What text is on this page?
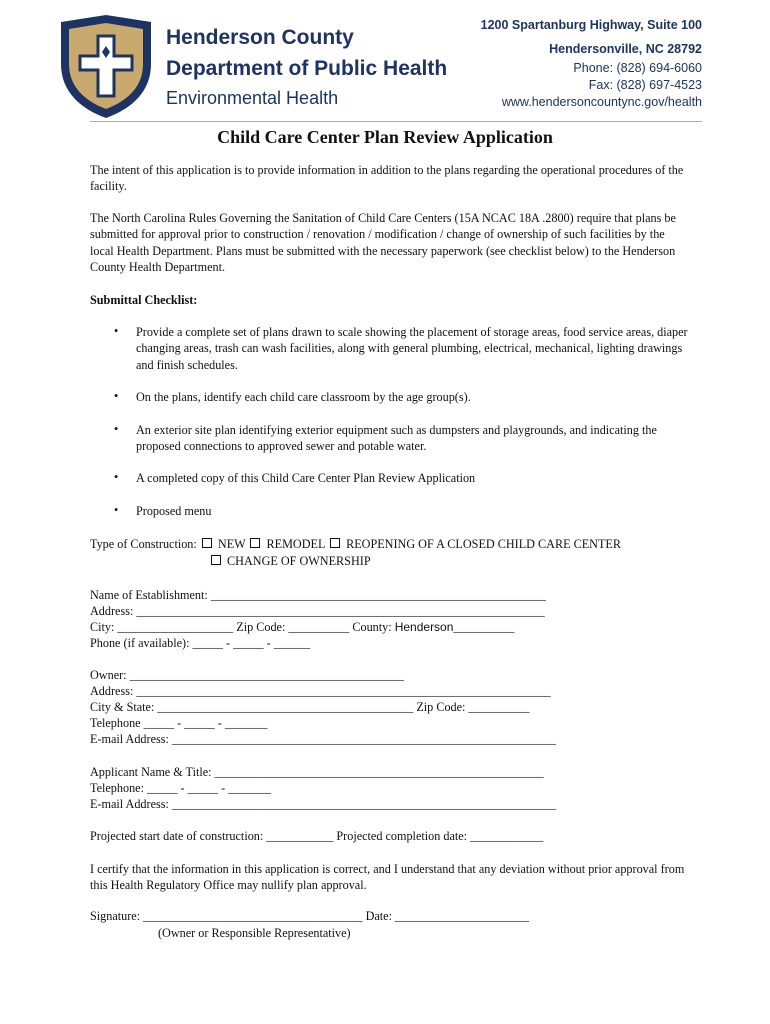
Henderson County
Department of Public Health
Environmental Health
1200 Spartanburg Highway, Suite 100
Hendersonville, NC 28792
Phone: (828) 694-6060
Fax: (828) 697-4523
www.hendersoncountync.gov/health
Child Care Center Plan Review Application
The intent of this application is to provide information in addition to the plans regarding the operational procedures of the facility.
The North Carolina Rules Governing the Sanitation of Child Care Centers (15A NCAC 18A .2800) require that plans be submitted for approval prior to construction / renovation / modification / change of ownership of such facilities by the local Health Department. Plans must be submitted with the necessary paperwork (see checklist below) to the Henderson County Health Department.
Submittal Checklist:
• Provide a complete set of plans drawn to scale showing the placement of storage areas, food service areas, diaper changing areas, trash can wash facilities, along with general plumbing, electrical, mechanical, lighting drawings and finish schedules.
• On the plans, identify each child care classroom by the age group(s).
• An exterior site plan identifying exterior equipment such as dumpsters and playgrounds, and indicating the proposed connections to approved sewer and potable water.
• A completed copy of this Child Care Center Plan Review Application
• Proposed menu
Type of Construction: NEW REMODEL REOPENING OF A CLOSED CHILD CARE CENTER
CHANGE OF OWNERSHIP
Name of Establishment: _______________________________________________________
Address: ___________________________________________________________________
City: ___________________ Zip Code: __________ County: Henderson__________
Phone (if available): _____ - _____ - ______
Owner: _____________________________________________
Address: ____________________________________________________________________
City & State: __________________________________________ Zip Code: __________
Telephone _____ - _____ - _______
E-mail Address: _______________________________________________________________
Applicant Name & Title: ______________________________________________________
Telephone: _____ - _____ - _______
E-mail Address: _______________________________________________________________
Projected start date of construction: ___________ Projected completion date: ____________
I certify that the information in this application is correct, and I understand that any deviation without prior approval from this Health Regulatory Office may nullify plan approval.
Signature: ____________________________________ Date: ______________________
(Owner or Responsible Representative)
